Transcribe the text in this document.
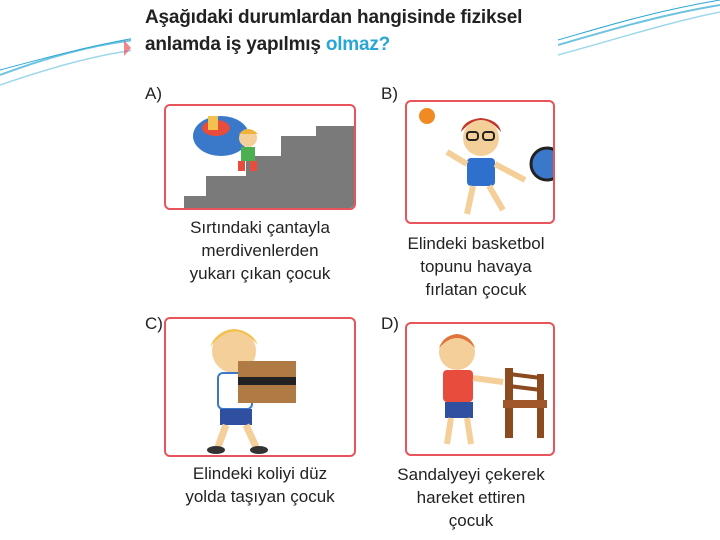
Aşağıdaki durumlardan hangisinde fiziksel anlamda iş yapılmış olmaz?
A)
Sırtındaki çantayla
merdivenlerden
yukarı çıkan çocuk
B)
Elindeki basketbol
topunu havaya
fırlatan çocuk
C)
Elindeki koliyi düz
yolda taşıyan çocuk
D)
Sandalyeyi çekerek
hareket ettiren
çocuk
